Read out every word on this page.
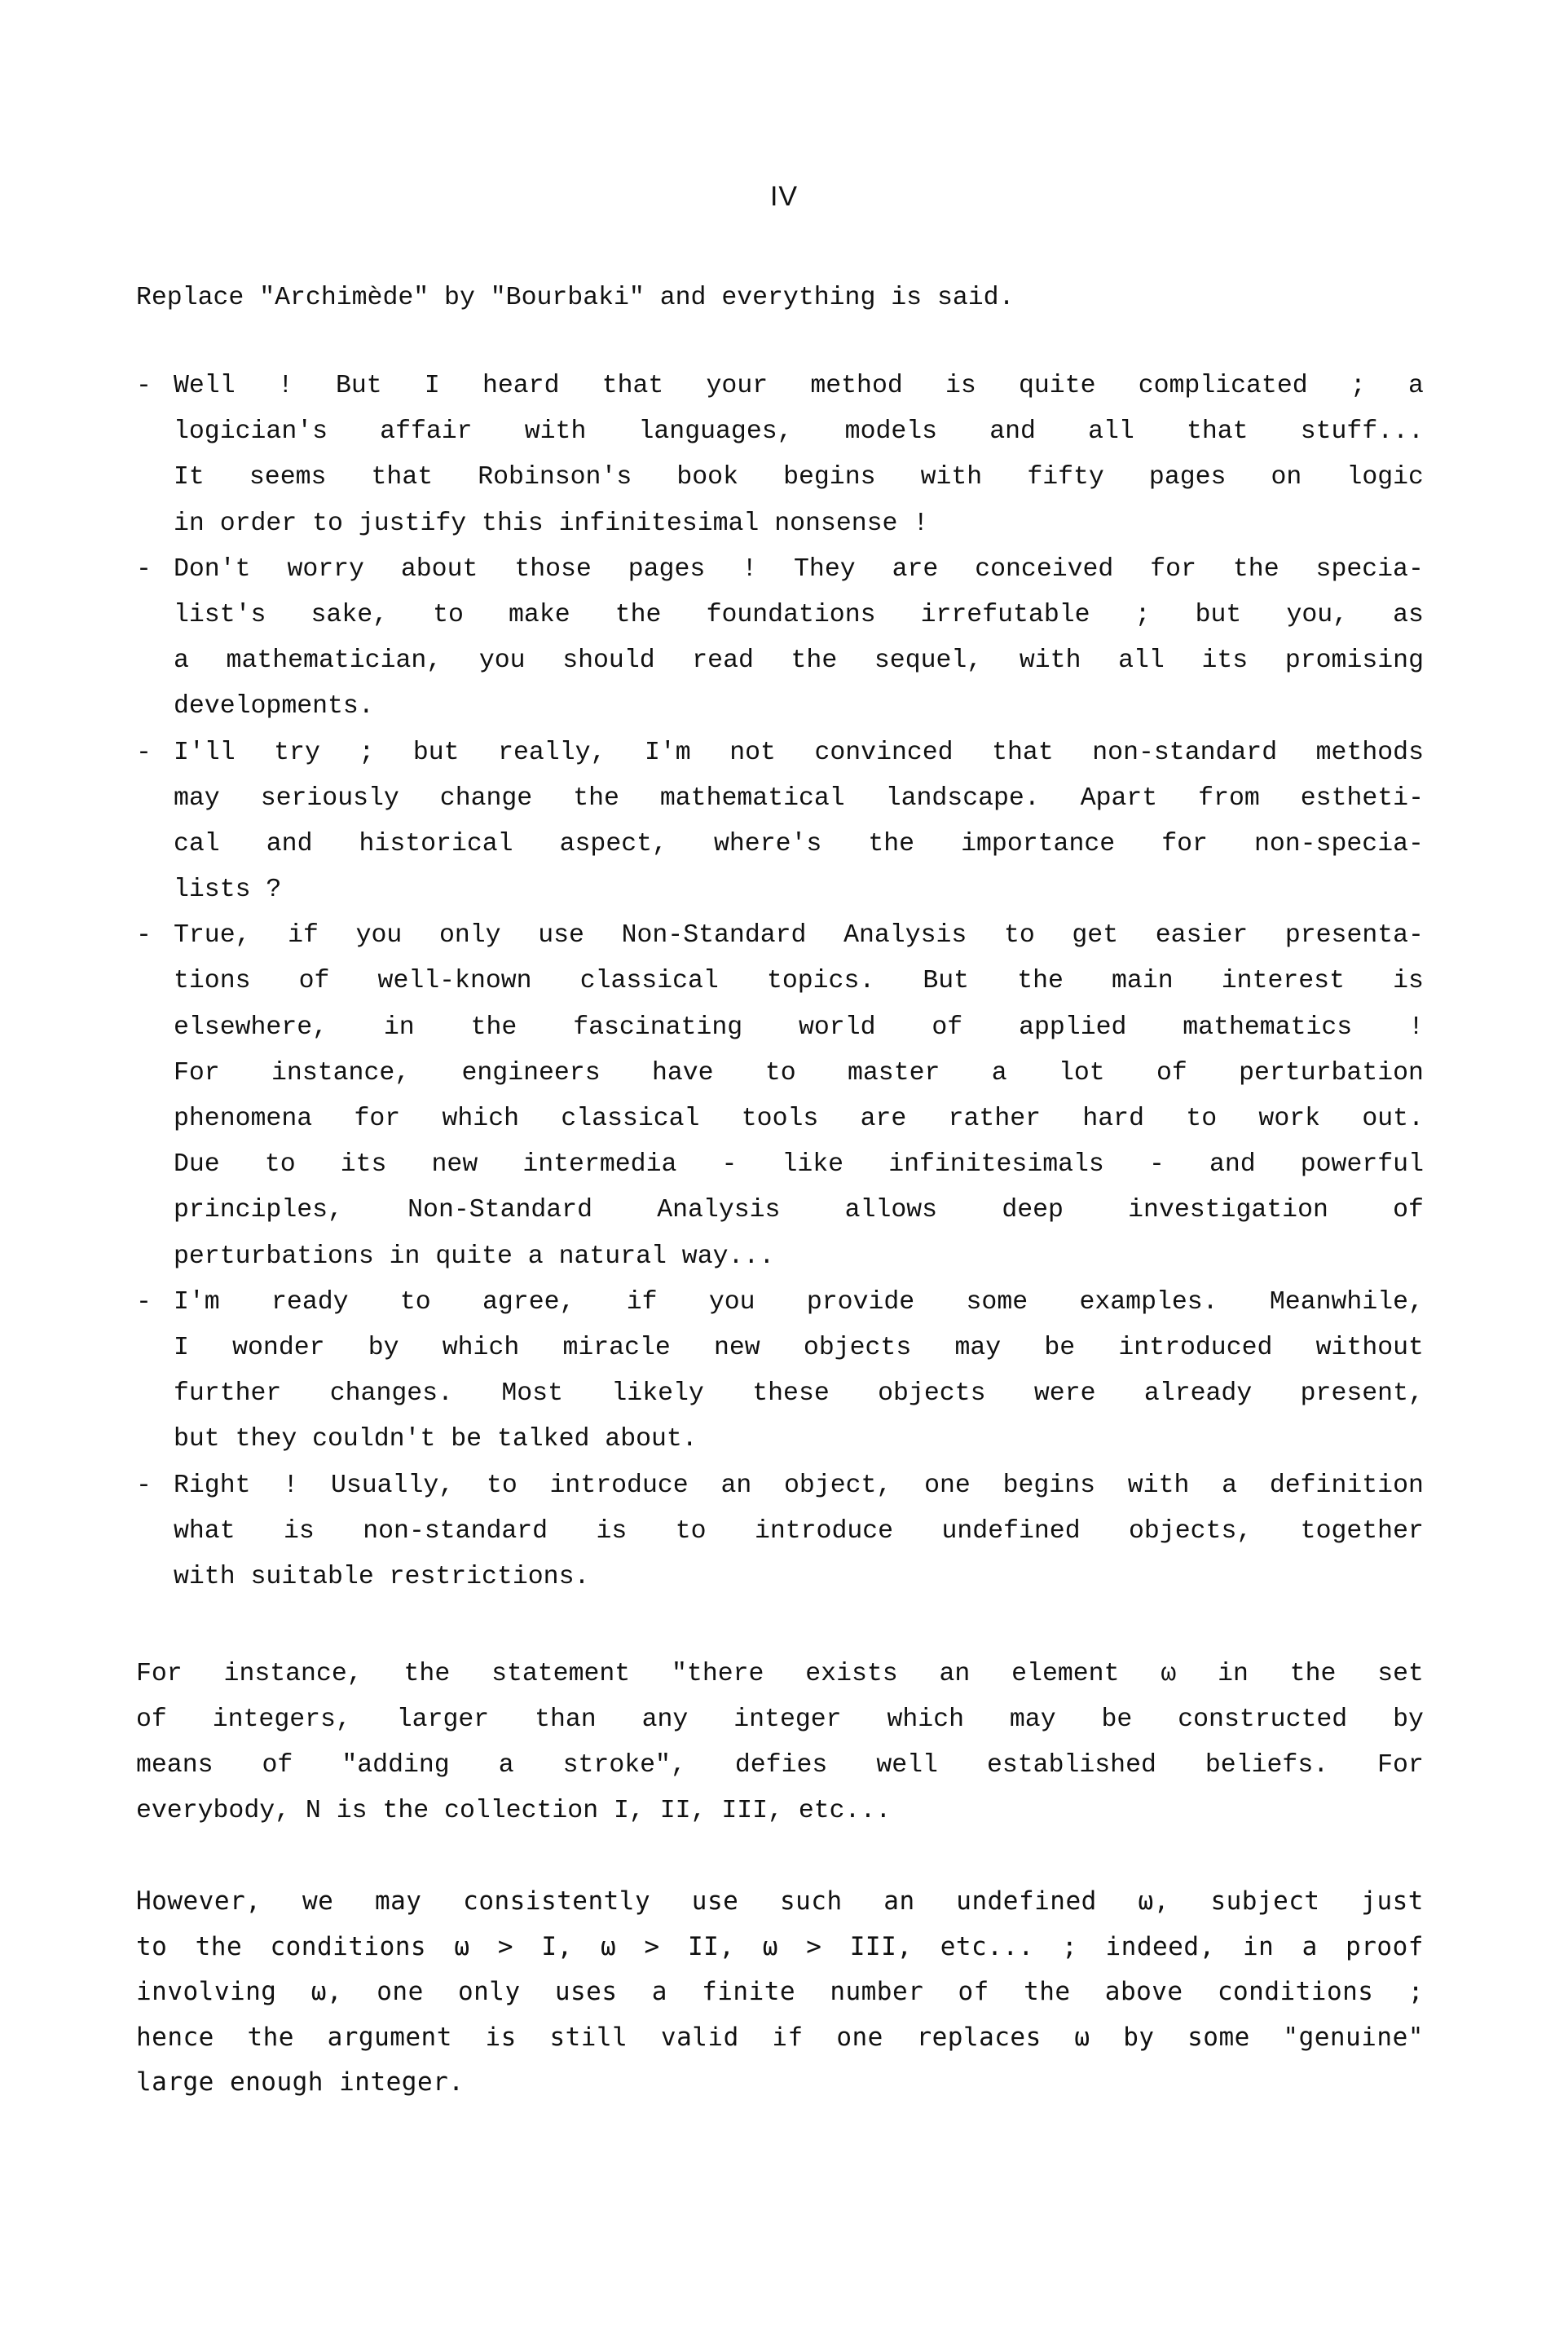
IV
Replace "Archimède" by "Bourbaki" and everything is said.
- Well ! But I heard that your method is quite complicated ; a
logician's affair with languages, models and all that stuff...
It seems that Robinson's book begins with fifty pages on logic
in order to justify this infinitesimal nonsense !
- Don't worry about those pages ! They are conceived for the specia-
list's sake, to make the foundations irrefutable ; but you, as
a mathematician, you should read the sequel, with all its promising
developments.
- I'll try ; but really, I'm not convinced that non-standard methods
may seriously change the mathematical landscape. Apart from estheti-
cal and historical aspect, where's the importance for non-specia-
lists ?
- True, if you only use Non-Standard Analysis to get easier presenta-
tions of well-known classical topics. But the main interest is
elsewhere, in the fascinating world of applied mathematics !
For instance, engineers have to master a lot of perturbation
phenomena for which classical tools are rather hard to work out.
Due to its new intermedia - like infinitesimals - and powerful
principles,	Non-Standard	Analysis	allows	deep	investigation	of
perturbations in quite a natural way...
- I'm ready to agree, if you provide some examples. Meanwhile,
I wonder by which miracle new objects may be introduced without
further changes. Most likely these objects were already present,
but they couldn't be talked about.
- Right ! Usually, to introduce an object, one begins with a definition
what is non-standard is to introduce undefined objects, together
with suitable restrictions.
For instance, the statement "there exists an element ω in the set
of integers, larger than any integer which may be constructed by
means of "adding a stroke", defies well established beliefs. For
everybody, N is the collection I, II, III, etc...
However, we may consistently use such an undefined ω, subject just
to the conditions ω > I, ω > II, ω > III, etc... ; indeed, in a proof
involving ω, one only uses a finite number of the above conditions ;
hence the argument is still valid if one replaces ω by some "genuine"
large enough integer.
